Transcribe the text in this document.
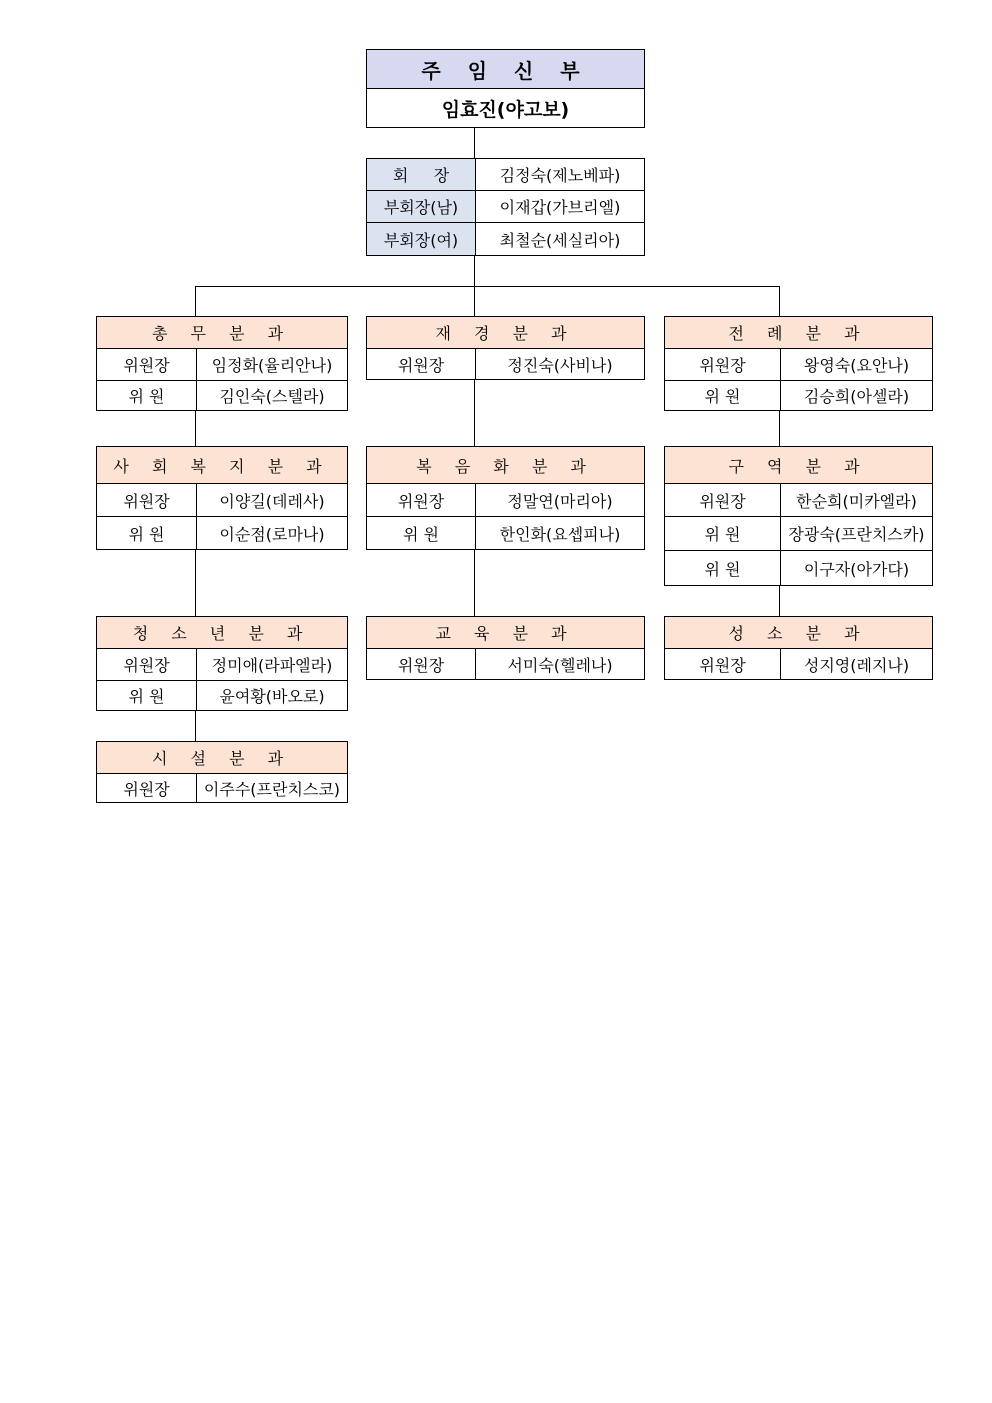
주 임 신 부
임효진(야고보)
회     장	김정숙(제노베파)
부회장(남)	이재갑(가브리엘)
부회장(여)	최철순(세실리아)
총 무 분 과
위원장	임정화(율리안나)
위 원	김인숙(스텔라)
재 경 분 과
위원장	정진숙(사비나)
전 례 분 과
위원장	왕영숙(요안나)
위 원	김승희(아셀라)
사 회 복 지 분 과
위원장	이양길(데레사)
위 원	이순점(로마나)
복 음 화 분 과
위원장	정말연(마리아)
위 원	한인화(요셉피나)
구 역 분 과
위원장	한순희(미카엘라)
위 원	장광숙(프란치스카)
위 원	이구자(아가다)
청 소 년 분 과
위원장	정미애(라파엘라)
위 원	윤여황(바오로)
교 육 분 과
위원장	서미숙(헬레나)
성 소 분 과
위원장	성지영(레지나)
시 설 분 과
위원장	이주수(프란치스코)
